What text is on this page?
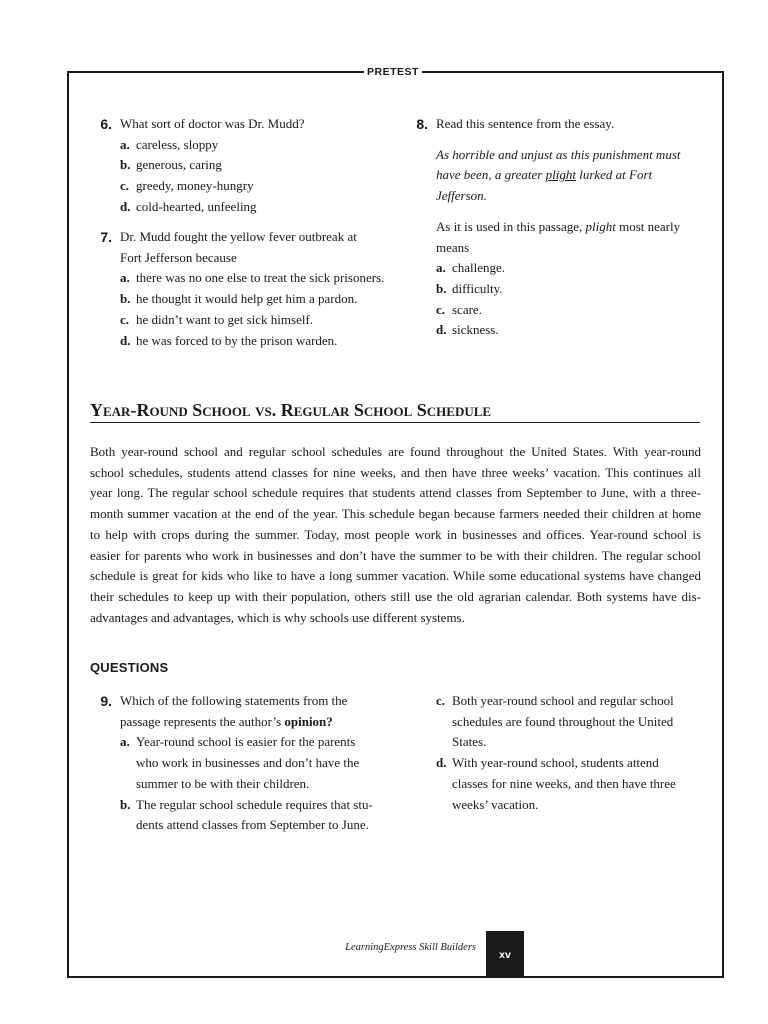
PRETEST
6. What sort of doctor was Dr. Mudd?
a. careless, sloppy
b. generous, caring
c. greedy, money-hungry
d. cold-hearted, unfeeling
7. Dr. Mudd fought the yellow fever outbreak at
Fort Jefferson because
a. there was no one else to treat the sick prisoners.
b. he thought it would help get him a pardon.
c. he didn’t want to get sick himself.
d. he was forced to by the prison warden.
8. Read this sentence from the essay.
As horrible and unjust as this punishment must
have been, a greater plight lurked at Fort Jefferson.
As it is used in this passage, plight most nearly
means
a. challenge.
b. difficulty.
c. scare.
d. sickness.
Year-Round School vs. Regular School Schedule
Both year-round school and regular school schedules are found throughout the United States. With year-round
school schedules, students attend classes for nine weeks, and then have three weeks’ vacation. This continues all
year long. The regular school schedule requires that students attend classes from September to June, with a three-
month summer vacation at the end of the year. This schedule began because farmers needed their children at home
to help with crops during the summer. Today, most people work in businesses and offices. Year-round school is
easier for parents who work in businesses and don’t have the summer to be with their children. The regular school
schedule is great for kids who like to have a long summer vacation. While some educational systems have changed
their schedules to keep up with their population, others still use the old agrarian calendar. Both systems have dis-
advantages and advantages, which is why schools use different systems.
QUESTIONS
9. Which of the following statements from the
passage represents the author’s opinion?
a. Year-round school is easier for the parents
who work in businesses and don’t have the
summer to be with their children.
b. The regular school schedule requires that stu-
dents attend classes from September to June.
c. Both year-round school and regular school
schedules are found throughout the United
States.
d. With year-round school, students attend
classes for nine weeks, and then have three
weeks’ vacation.
LearningExpress Skill Builders
xv
